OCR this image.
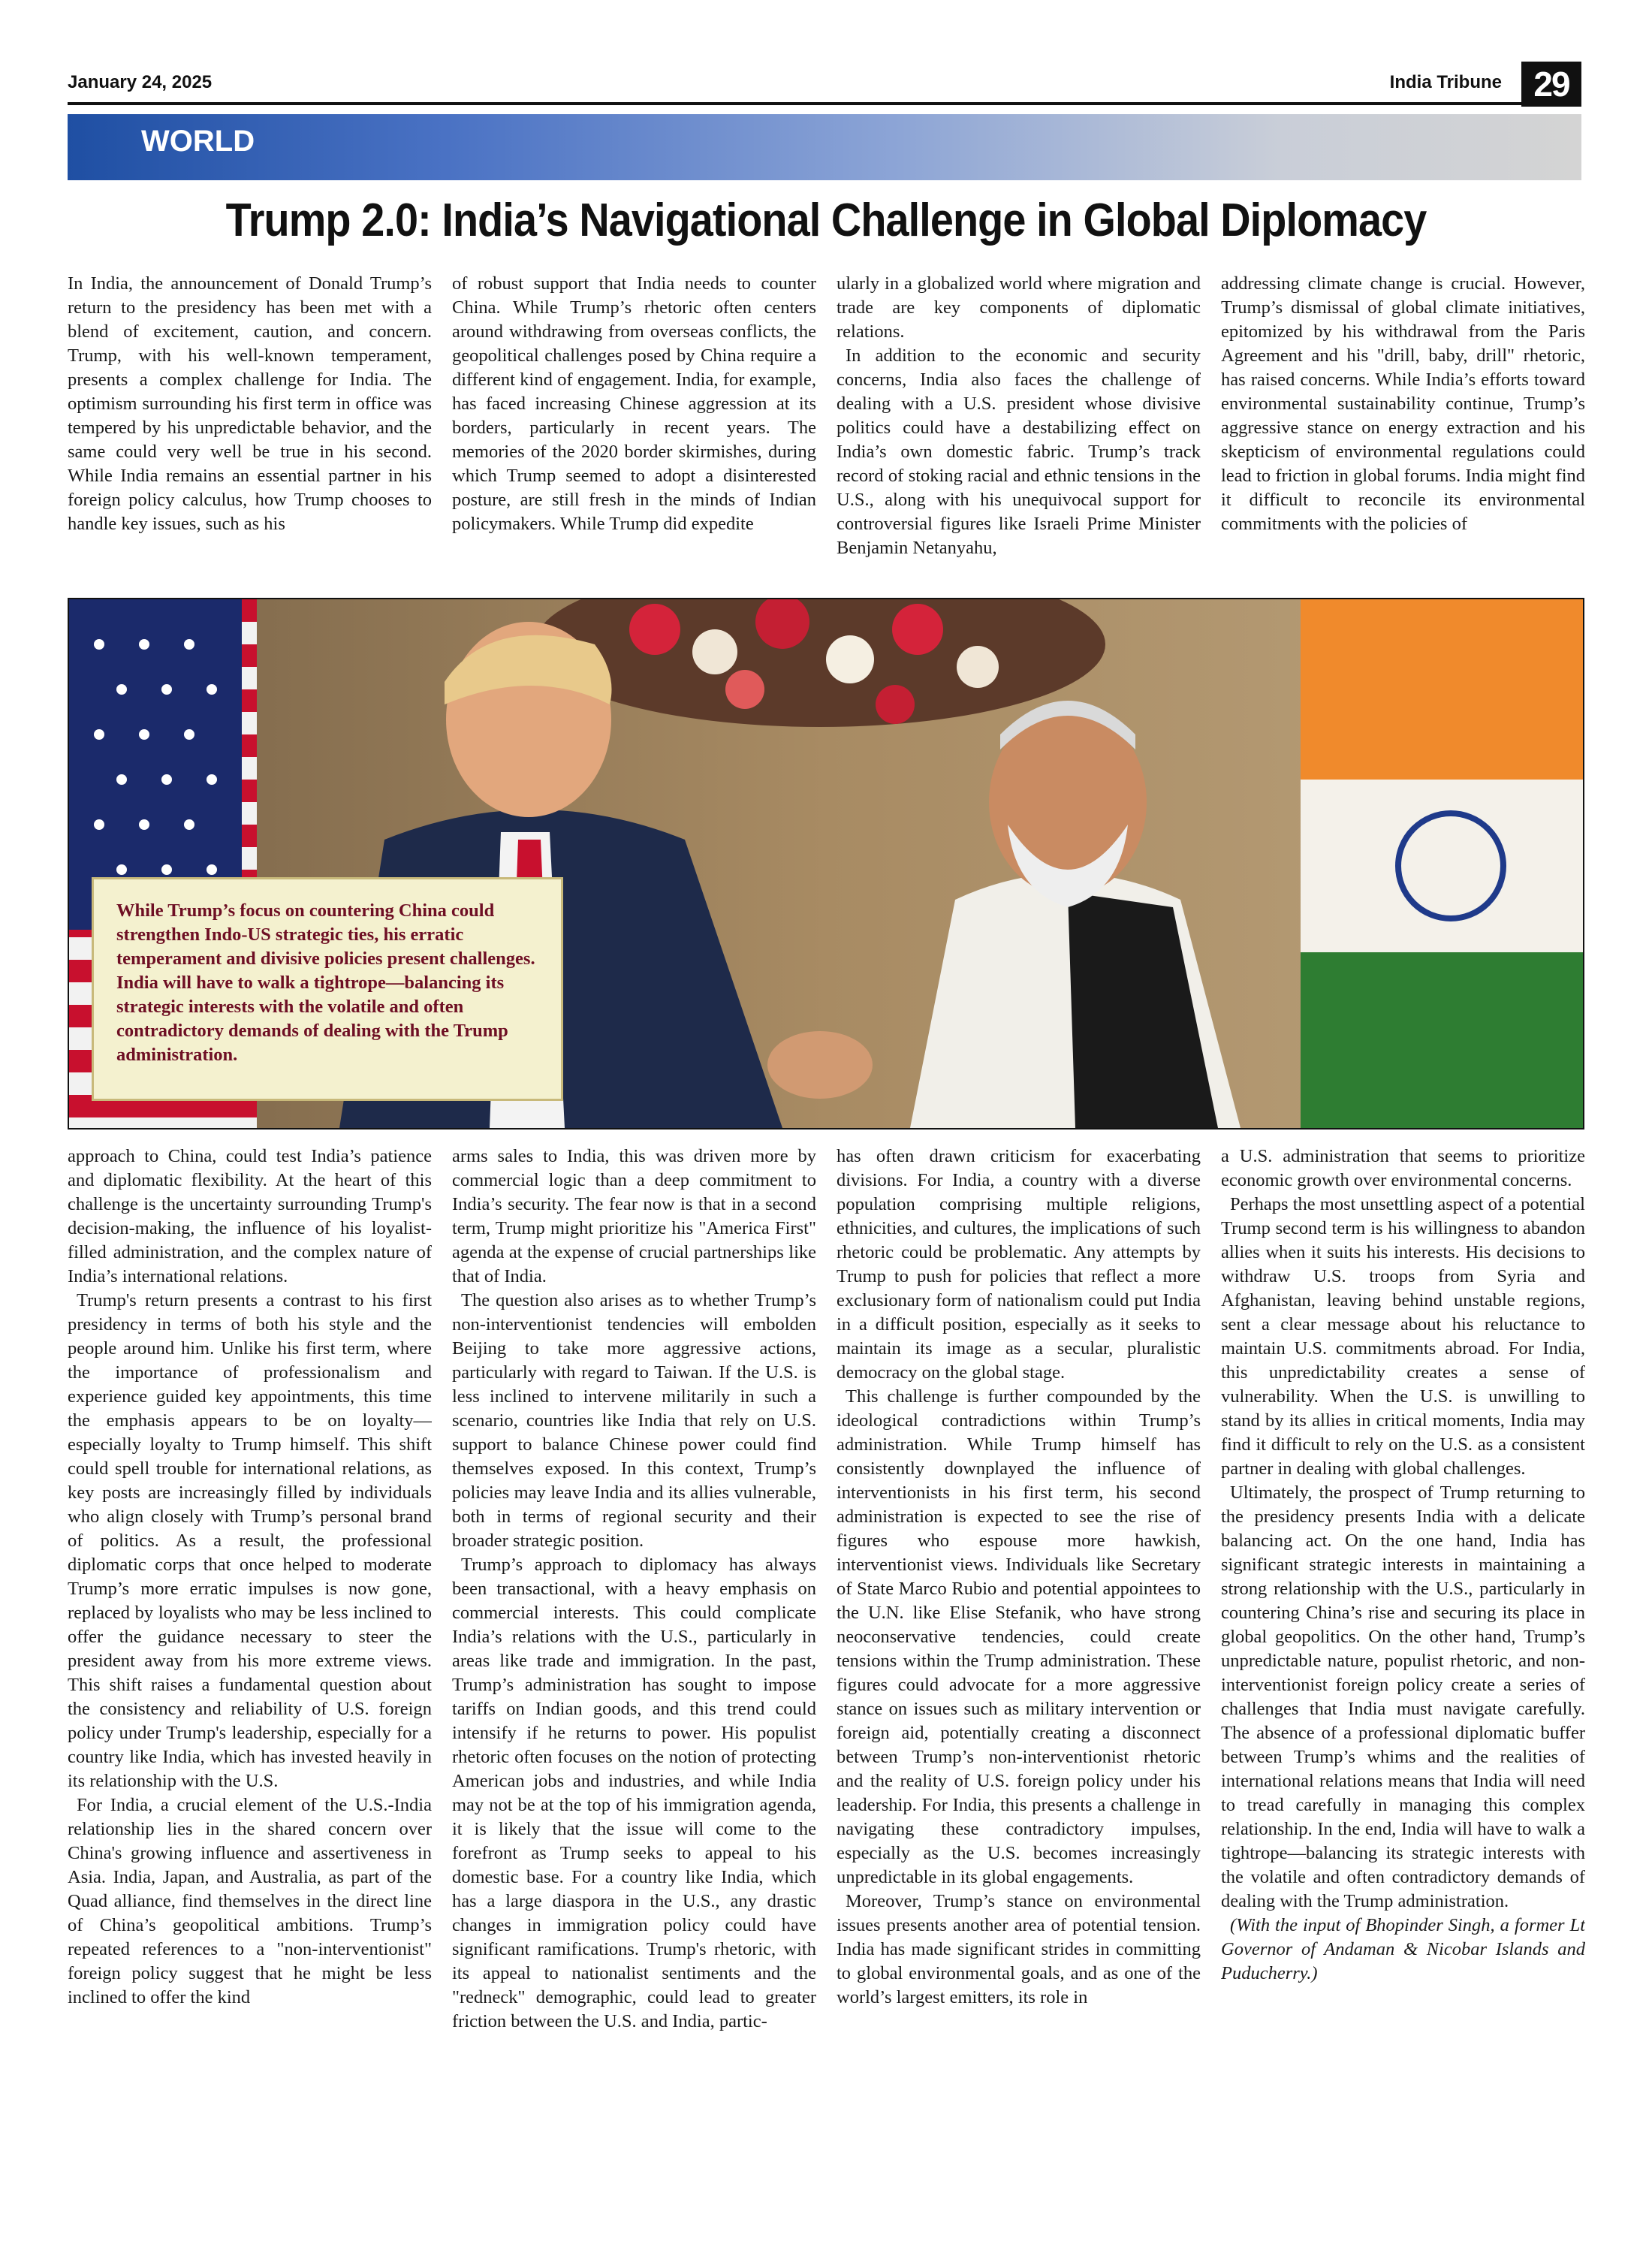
January 24, 2025	India Tribune 29
WORLD
Trump 2.0: India’s Navigational Challenge in Global Diplomacy

In India, the announcement of Donald Trump’s return to the presidency has been met with a blend of excitement, caution, and concern. Trump, with his well-known temperament, presents a complex challenge for India. The optimism surrounding his first term in office was tempered by his unpredictable behavior, and the same could very well be true in his second. While India remains an essential partner in his foreign policy calculus, how Trump chooses to handle key issues, such as his

of robust support that India needs to counter China. While Trump’s rhetoric often centers around withdrawing from overseas conflicts, the geopolitical challenges posed by China require a different kind of engagement. India, for example, has faced increasing Chinese aggression at its borders, particularly in recent years. The memories of the 2020 border skirmishes, during which Trump seemed to adopt a disinterested posture, are still fresh in the minds of Indian policymakers. While Trump did expedite

ularly in a globalized world where migration and trade are key components of diplomatic relations.

In addition to the economic and security concerns, India also faces the challenge of dealing with a U.S. president whose divisive politics could have a destabilizing effect on India’s own domestic fabric. Trump’s track record of stoking racial and ethnic tensions in the U.S., along with his unequivocal support for controversial figures like Israeli Prime Minister Benjamin Netanyahu,

addressing climate change is crucial. However, Trump’s dismissal of global climate initiatives, epitomized by his withdrawal from the Paris Agreement and his "drill, baby, drill" rhetoric, has raised concerns. While India’s efforts toward environmental sustainability continue, Trump’s aggressive stance on energy extraction and his skepticism of environmental regulations could lead to friction in global forums. India might find it difficult to reconcile its environmental commitments with the policies of

While Trump’s focus on countering China could strengthen Indo-US strategic ties, his erratic temperament and divisive policies present challenges. India will have to walk a tightrope—balancing its strategic interests with the volatile and often contradictory demands of dealing with the Trump administration.

approach to China, could test India’s patience and diplomatic flexibility. At the heart of this challenge is the uncertainty surrounding Trump's decision-making, the influence of his loyalist-filled administration, and the complex nature of India’s international relations.

Trump's return presents a contrast to his first presidency in terms of both his style and the people around him. Unlike his first term, where the importance of professionalism and experience guided key appointments, this time the emphasis appears to be on loyalty—especially loyalty to Trump himself. This shift could spell trouble for international relations, as key posts are increasingly filled by individuals who align closely with Trump’s personal brand of politics. As a result, the professional diplomatic corps that once helped to moderate Trump’s more erratic impulses is now gone, replaced by loyalists who may be less inclined to offer the guidance necessary to steer the president away from his more extreme views. This shift raises a fundamental question about the consistency and reliability of U.S. foreign policy under Trump's leadership, especially for a country like India, which has invested heavily in its relationship with the U.S.

For India, a crucial element of the U.S.-India relationship lies in the shared concern over China's growing influence and assertiveness in Asia. India, Japan, and Australia, as part of the Quad alliance, find themselves in the direct line of China’s geopolitical ambitions. Trump’s repeated references to a "non-interventionist" foreign policy suggest that he might be less inclined to offer the kind

arms sales to India, this was driven more by commercial logic than a deep commitment to India’s security. The fear now is that in a second term, Trump might prioritize his "America First" agenda at the expense of crucial partnerships like that of India.

The question also arises as to whether Trump’s non-interventionist tendencies will embolden Beijing to take more aggressive actions, particularly with regard to Taiwan. If the U.S. is less inclined to intervene militarily in such a scenario, countries like India that rely on U.S. support to balance Chinese power could find themselves exposed. In this context, Trump’s policies may leave India and its allies vulnerable, both in terms of regional security and their broader strategic position.

Trump’s approach to diplomacy has always been transactional, with a heavy emphasis on commercial interests. This could complicate India’s relations with the U.S., particularly in areas like trade and immigration. In the past, Trump’s administration has sought to impose tariffs on Indian goods, and this trend could intensify if he returns to power. His populist rhetoric often focuses on the notion of protecting American jobs and industries, and while India may not be at the top of his immigration agenda, it is likely that the issue will come to the forefront as Trump seeks to appeal to his domestic base. For a country like India, which has a large diaspora in the U.S., any drastic changes in immigration policy could have significant ramifications. Trump's rhetoric, with its appeal to nationalist sentiments and the "redneck" demographic, could lead to greater friction between the U.S. and India, partic-

has often drawn criticism for exacerbating divisions. For India, a country with a diverse population comprising multiple religions, ethnicities, and cultures, the implications of such rhetoric could be problematic. Any attempts by Trump to push for policies that reflect a more exclusionary form of nationalism could put India in a difficult position, especially as it seeks to maintain its image as a secular, pluralistic democracy on the global stage.

This challenge is further compounded by the ideological contradictions within Trump’s administration. While Trump himself has consistently downplayed the influence of interventionists in his first term, his second administration is expected to see the rise of figures who espouse more hawkish, interventionist views. Individuals like Secretary of State Marco Rubio and potential appointees to the U.N. like Elise Stefanik, who have strong neoconservative tendencies, could create tensions within the Trump administration. These figures could advocate for a more aggressive stance on issues such as military intervention or foreign aid, potentially creating a disconnect between Trump’s non-interventionist rhetoric and the reality of U.S. foreign policy under his leadership. For India, this presents a challenge in navigating these contradictory impulses, especially as the U.S. becomes increasingly unpredictable in its global engagements.

Moreover, Trump’s stance on environmental issues presents another area of potential tension. India has made significant strides in committing to global environmental goals, and as one of the world’s largest emitters, its role in

a U.S. administration that seems to prioritize economic growth over environmental concerns.

Perhaps the most unsettling aspect of a potential Trump second term is his willingness to abandon allies when it suits his interests. His decisions to withdraw U.S. troops from Syria and Afghanistan, leaving behind unstable regions, sent a clear message about his reluctance to maintain U.S. commitments abroad. For India, this unpredictability creates a sense of vulnerability. When the U.S. is unwilling to stand by its allies in critical moments, India may find it difficult to rely on the U.S. as a consistent partner in dealing with global challenges.

Ultimately, the prospect of Trump returning to the presidency presents India with a delicate balancing act. On the one hand, India has significant strategic interests in maintaining a strong relationship with the U.S., particularly in countering China’s rise and securing its place in global geopolitics. On the other hand, Trump’s unpredictable nature, populist rhetoric, and non-interventionist foreign policy create a series of challenges that India must navigate carefully. The absence of a professional diplomatic buffer between Trump’s whims and the realities of international relations means that India will need to tread carefully in managing this complex relationship. In the end, India will have to walk a tightrope—balancing its strategic interests with the volatile and often contradictory demands of dealing with the Trump administration.

(With the input of Bhopinder Singh, a former Lt Governor of Andaman & Nicobar Islands and Puducherry.)
